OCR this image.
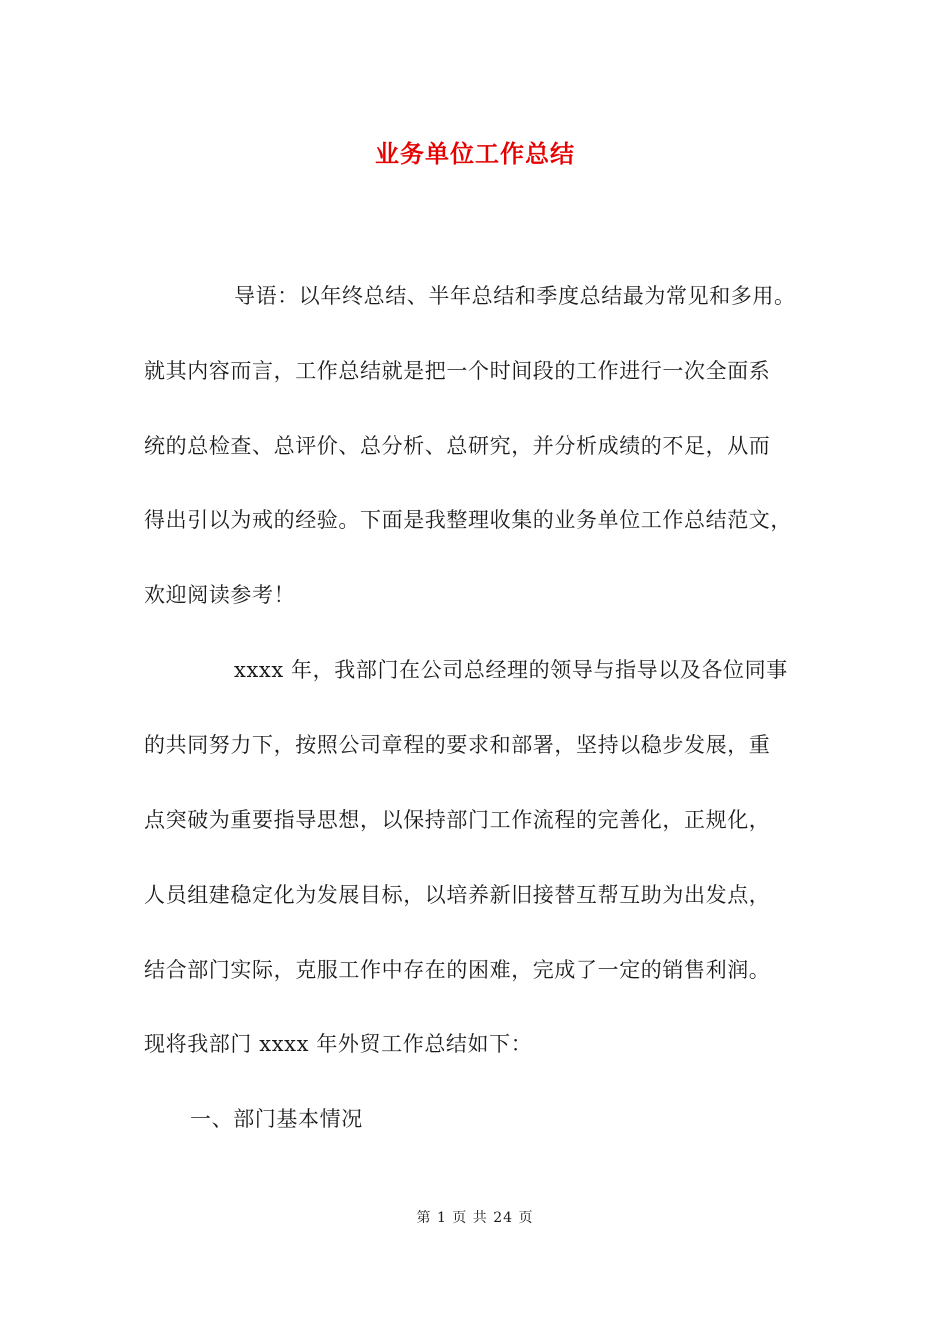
业务单位工作总结
导语：以年终总结、半年总结和季度总结最为常见和多用。
就其内容而言，工作总结就是把一个时间段的工作进行一次全面系
统的总检查、总评价、总分析、总研究，并分析成绩的不足，从而
得出引以为戒的经验。下面是我整理收集的业务单位工作总结范文，
欢迎阅读参考！
xxxx 年，我部门在公司总经理的领导与指导以及各位同事
的共同努力下，按照公司章程的要求和部署，坚持以稳步发展，重
点突破为重要指导思想，以保持部门工作流程的完善化，正规化，
人员组建稳定化为发展目标，以培养新旧接替互帮互助为出发点，
结合部门实际，克服工作中存在的困难，完成了一定的销售利润。
现将我部门 xxxx 年外贸工作总结如下：
一、部门基本情况
第 1 页 共 24 页
